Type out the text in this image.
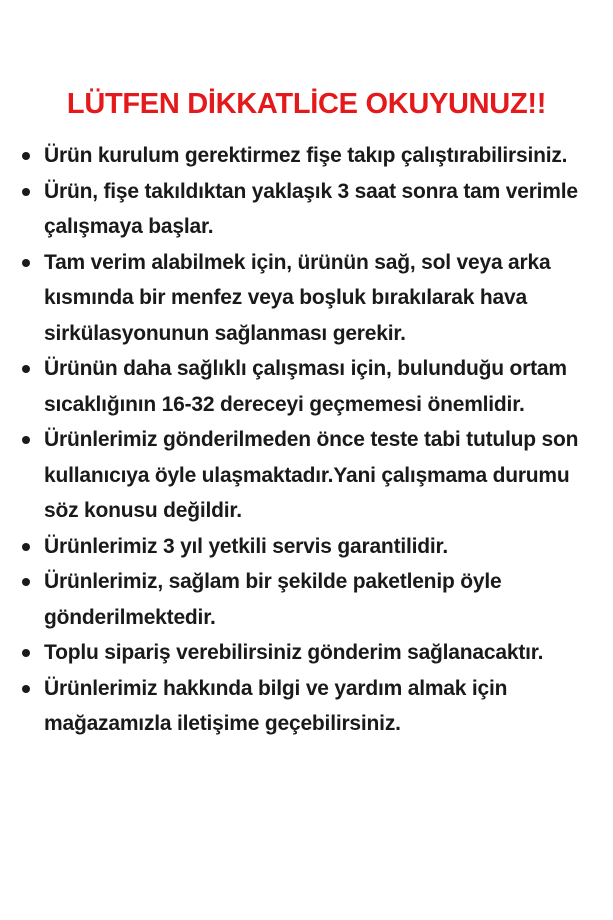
LÜTFEN DİKKATLİCE OKUYUNUZ!!
Ürün kurulum gerektirmez fişe takıp çalıştırabilirsiniz.
Ürün, fişe takıldıktan yaklaşık 3 saat sonra tam verimle çalışmaya başlar.
Tam verim alabilmek için, ürünün sağ, sol veya arka kısmında bir menfez veya boşluk bırakılarak hava sirkülasyonunun sağlanması gerekir.
Ürünün daha sağlıklı çalışması için, bulunduğu ortam sıcaklığının 16-32 dereceyi geçmemesi önemlidir.
Ürünlerimiz gönderilmeden önce teste tabi tutulup son kullanıcıya öyle ulaşmaktadır.Yani çalışmama durumu söz konusu değildir.
Ürünlerimiz 3 yıl yetkili servis garantilidir.
Ürünlerimiz, sağlam bir şekilde paketlenip öyle gönderilmektedir.
Toplu sipariş verebilirsiniz gönderim sağlanacaktır.
Ürünlerimiz hakkında bilgi ve yardım almak için mağazamızla iletişime geçebilirsiniz.
